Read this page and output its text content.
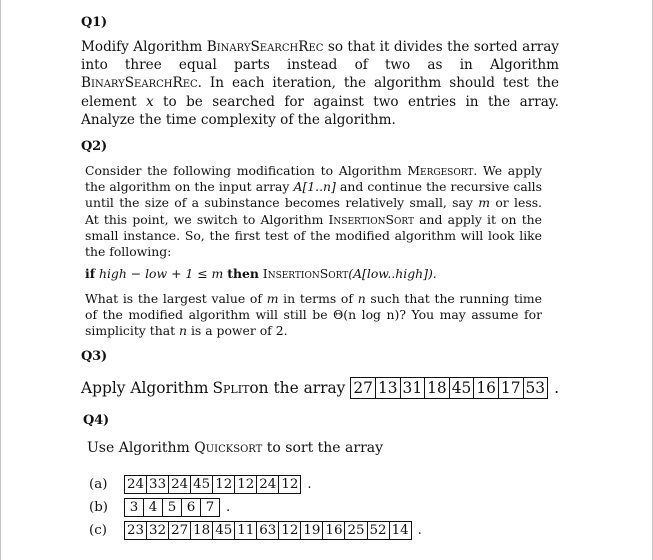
Q1)

Modify Algorithm BinarySearchRec so that it divides the sorted array into three equal parts instead of two as in Algorithm BinarySearchRec. In each iteration, the algorithm should test the element x to be searched for against two entries in the array. Analyze the time complexity of the algorithm.

Q2)

Consider the following modification to Algorithm Mergesort. We apply the algorithm on the input array A[1..n] and continue the recursive calls until the size of a subinstance becomes relatively small, say m or less. At this point, we switch to Algorithm InsertionSort and apply it on the small instance. So, the first test of the modified algorithm will look like the following:

if high − low + 1 ≤ m then InsertionSort(A[low..high]).

What is the largest value of m in terms of n such that the running time of the modified algorithm will still be Θ(n log n)? You may assume for simplicity that n is a power of 2.

Q3)
Apply Algorithm Split on the array 27 13 31 18 45 16 17 53 .
Q4)
Use Algorithm Quicksort to sort the array
(a)	24 33 24 45 12 12 24 12 .
(b)	3 4 5 6 7 .
(c)	23 32 27 18 45 11 63 12 19 16 25 52 14 .
